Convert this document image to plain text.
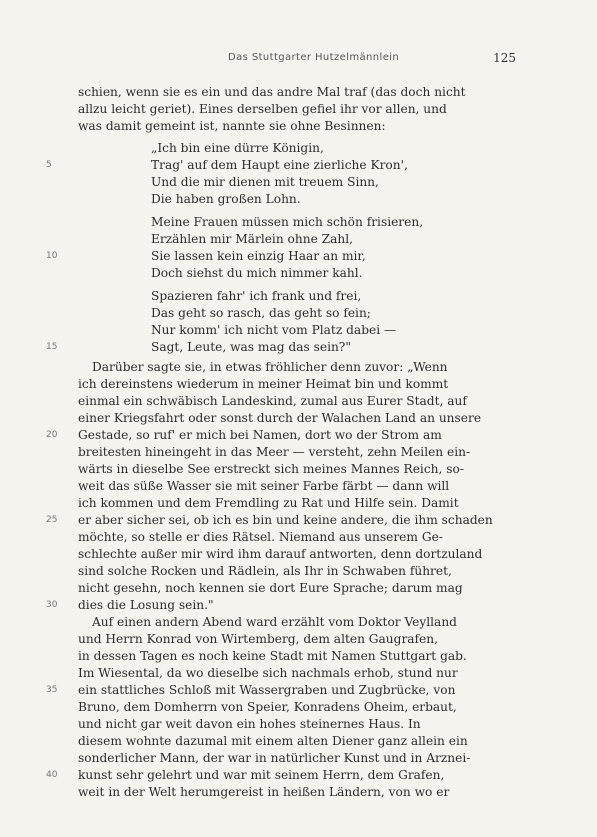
Das Stuttgarter Hutzelmännlein	125
schien, wenn sie es ein und das andre Mal traf (das doch nicht
allzu leicht geriet). Eines derselben gefiel ihr vor allen, und
was damit gemeint ist, nannte sie ohne Besinnen:
„Ich bin eine dürre Königin,
Trag' auf dem Haupt eine zierliche Kron',
Und die mir dienen mit treuem Sinn,
Die haben großen Lohn.
Meine Frauen müssen mich schön frisieren,
Erzählen mir Märlein ohne Zahl,
Sie lassen kein einzig Haar an mir,
Doch siehst du mich nimmer kahl.
Spazieren fahr' ich frank und frei,
Das geht so rasch, das geht so fein;
Nur komm' ich nicht vom Platz dabei —
Sagt, Leute, was mag das sein?"
Darüber sagte sie, in etwas fröhlicher denn zuvor: „Wenn
ich dereinstens wiederum in meiner Heimat bin und kommt
einmal ein schwäbisch Landeskind, zumal aus Eurer Stadt, auf
einer Kriegsfahrt oder sonst durch der Walachen Land an unsere
Gestade, so ruf' er mich bei Namen, dort wo der Strom am
breitesten hineingeht in das Meer — versteht, zehn Meilen ein-
wärts in dieselbe See erstreckt sich meines Mannes Reich, so-
weit das süße Wasser sie mit seiner Farbe färbt — dann will
ich kommen und dem Fremdling zu Rat und Hilfe sein. Damit
er aber sicher sei, ob ich es bin und keine andere, die ihm schaden
möchte, so stelle er dies Rätsel. Niemand aus unserem Ge-
schlechte außer mir wird ihm darauf antworten, denn dortzuland
sind solche Rocken und Rädlein, als Ihr in Schwaben führet,
nicht gesehn, noch kennen sie dort Eure Sprache; darum mag
dies die Losung sein."
Auf einen andern Abend ward erzählt vom Doktor Veylland
und Herrn Konrad von Wirtemberg, dem alten Gaugrafen,
in dessen Tagen es noch keine Stadt mit Namen Stuttgart gab.
Im Wiesental, da wo dieselbe sich nachmals erhob, stund nur
ein stattliches Schloß mit Wassergraben und Zugbrücke, von
Bruno, dem Domherrn von Speier, Konradens Oheim, erbaut,
und nicht gar weit davon ein hohes steinernes Haus. In
diesem wohnte dazumal mit einem alten Diener ganz allein ein
sonderlicher Mann, der war in natürlicher Kunst und in Arznei-
kunst sehr gelehrt und war mit seinem Herrn, dem Grafen,
weit in der Welt herumgereist in heißen Ländern, von wo er
5
10
15
20
25
30
35
40
